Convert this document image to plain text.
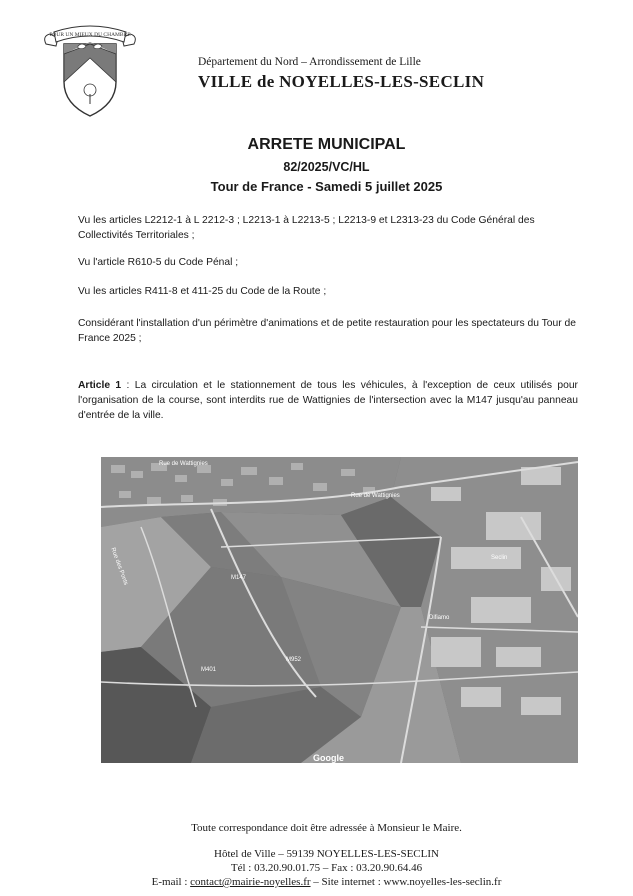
POUR UN MIEUX DU CHAMBRE
Département du Nord – Arrondissement de Lille
VILLE de NOYELLES-LES-SECLIN
ARRETE MUNICIPAL
82/2025/VC/HL
Tour de France - Samedi 5 juillet 2025
Vu les articles L2212-1 à L 2212-3 ; L2213-1 à L2213-5 ; L2213-9 et L2313-23 du Code Général des Collectivités Territoriales ;
Vu l'article R610-5 du Code Pénal ;
Vu les articles R411-8 et 411-25 du Code de la Route ;
Considérant l'installation d'un périmètre d'animations et de petite restauration pour les spectateurs du Tour de France 2025 ;
Article 1 : La circulation et le stationnement de tous les véhicules, à l'exception de ceux utilisés pour l'organisation de la course, sont interdits rue de Wattignies de l'intersection avec la M147 jusqu'au panneau d'entrée de la ville.
Rue de Wattignies
Rue de Wattignies
M147
M952
M401
Rue des Ponts	Seclin
Difiamo
Google
Toute correspondance doit être adressée à Monsieur le Maire.
Hôtel de Ville – 59139 NOYELLES-LES-SECLIN
Tél : 03.20.90.01.75 – Fax : 03.20.90.64.46
E-mail : contact@mairie-noyelles.fr – Site internet : www.noyelles-les-seclin.fr
